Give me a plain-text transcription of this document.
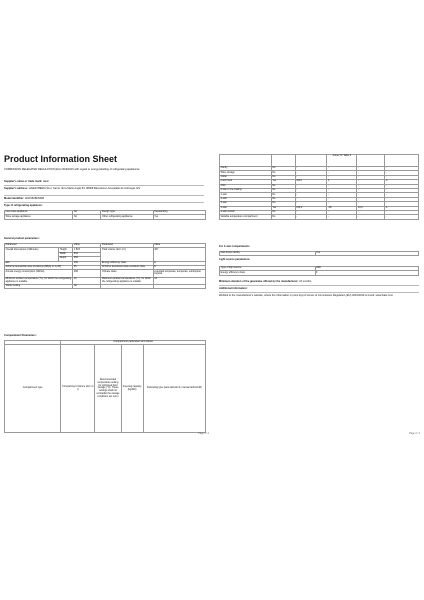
Product Information Sheet
COMMISSION DELEGATED REGULATION (EU) 2019/2016 with regard to energy labelling of refrigerating appliances
Supplier's name or trade mark: Haier
Supplier's address: HAIER IBERIA SLU, Carrer de la Marie Anglè 53, 08908 Barcelona L'Hospitalet de Llobregat, ES
Model identifier: HCR3818ENMM
Type of refrigerating appliance:
Low-noise appliance:	No	Design type:	freestanding
Wine storage appliance:	No	Other refrigerating appliance:	Yes
General product parameters:
Parameter		Value	Parameter	Value
Overall dimensions (millimetre)	Height	1 815	Total volume (dm³ or l)	467
	Width	833		
	Depth	650		
EEI		100	Energy efficiency class	E
Airborne acoustical noise emissions (dB(A) re 1 pW)		35	Airborne acoustical noise emission class	B
Annual energy consumption (kWh/a)		290	Climate class:	extended temperate, temperate, subtropical, tropical
Minimum ambient temperature (°C), for which the refrigerating appliance is suitable		10	Maximum ambient temperature (°C), for which the refrigerating appliance is suitable	43
Winter setting		No		
Compartment Parameters:
	Compartment parameters and values			
Compartment type	Compartment Volume (dm³ or l)	Recommended temperature setting for optimised food storage (°C). These settings shall not contradict the storage conditions set out in	Freezing capacity (kg/24h)	Defrosting type (auto-defrost=A, manual defrost=M)
Page 1 / 2
			Annex IV, Table 3		
Pantry	No	-	-	-	-
Wine storage	No	-	-	-	-
Cellar	No	-	-	-	-
Fresh food	Yes	311,0	4	-	A
Chill	No	-	-	-	-
0-star or ice-making	No	-	-	-	-
1-star	No	-	-	-	-
2-star	No	-	-	-	-
3-star	No	-	-	-	-
4-star	Yes	156,0	-18	10,0	A
2-star section	No	-	-	-	-
Variable temperature compartment	No	-	-	-	-
For 4-star compartments
Fast freeze facility	Yes
Light source parameters:
Type of light source	LED
Energy efficiency class	F
Minimum duration of the guarantee offered by the manufacturer: 24 months
Additional information:
Weblink to the manufacturer's website, where the information in point 4(a) of Annex of Commission Regulation (EU) 2019/2019 is found: www.haier.com
Page 2 / 2
